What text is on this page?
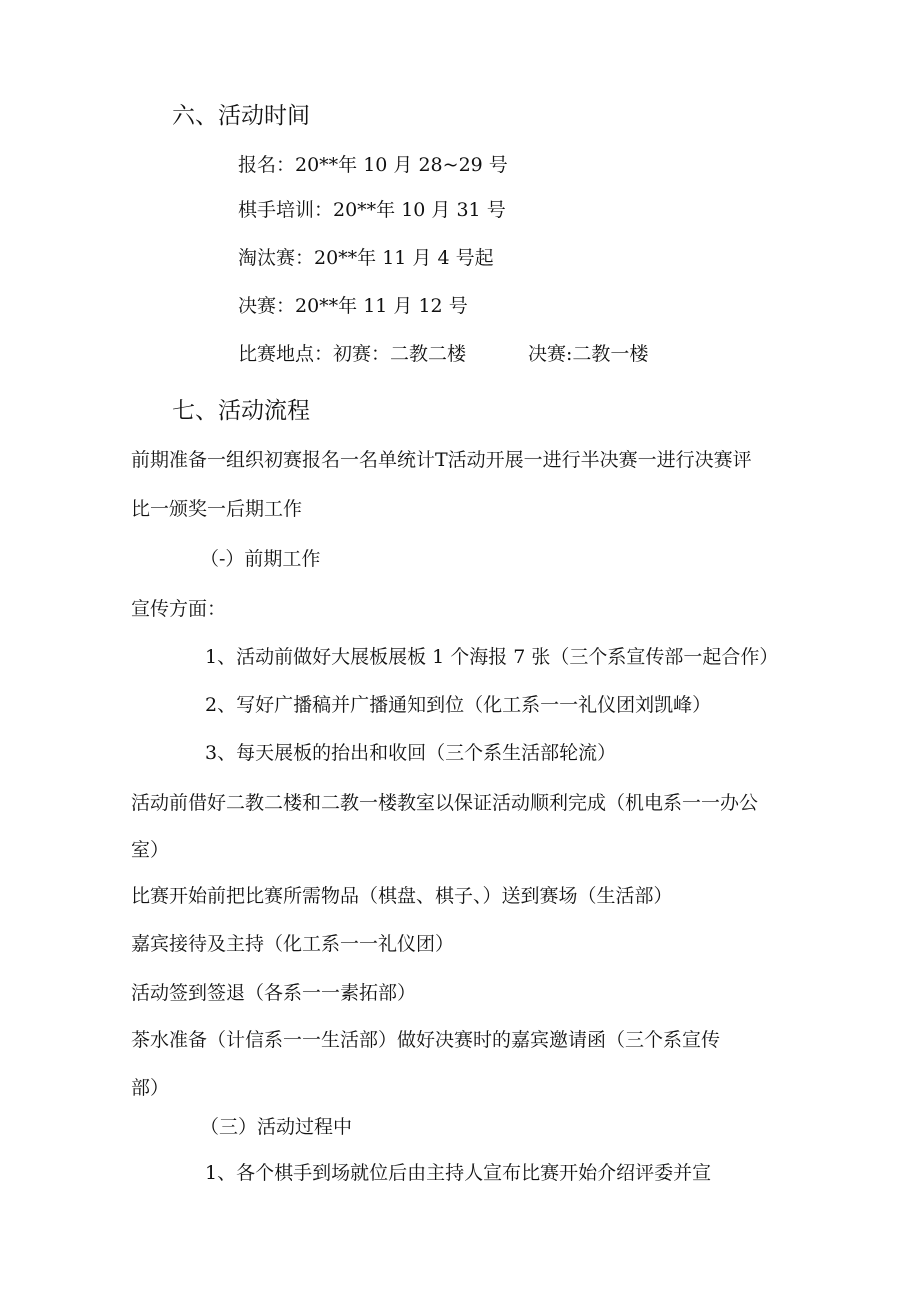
六、活动时间
报名：20**年 10 月 28~29 号
棋手培训：20**年 10 月 31 号
淘汰赛：20**年 11 月 4 号起
决赛：20**年 11 月 12 号
比赛地点：初赛：二教二楼	决赛:二教一楼
七、活动流程
前期准备一组织初赛报名一名单统计T活动开展一进行半决赛一进行决赛评
比一颁奖一后期工作
（-）前期工作
宣传方面：
1、活动前做好大展板展板 1 个海报 7 张（三个系宣传部一起合作）
2、写好广播稿并广播通知到位（化工系一一礼仪团刘凯峰）
3、每天展板的抬出和收回（三个系生活部轮流）
活动前借好二教二楼和二教一楼教室以保证活动顺利完成（机电系一一办公
室）
比赛开始前把比赛所需物品（棋盘、棋子、）送到赛场（生活部）
嘉宾接待及主持（化工系一一礼仪团）
活动签到签退（各系一一素拓部）
茶水准备（计信系一一生活部）做好决赛时的嘉宾邀请函（三个系宣传
部）
（三）活动过程中
1、各个棋手到场就位后由主持人宣布比赛开始介绍评委并宣
